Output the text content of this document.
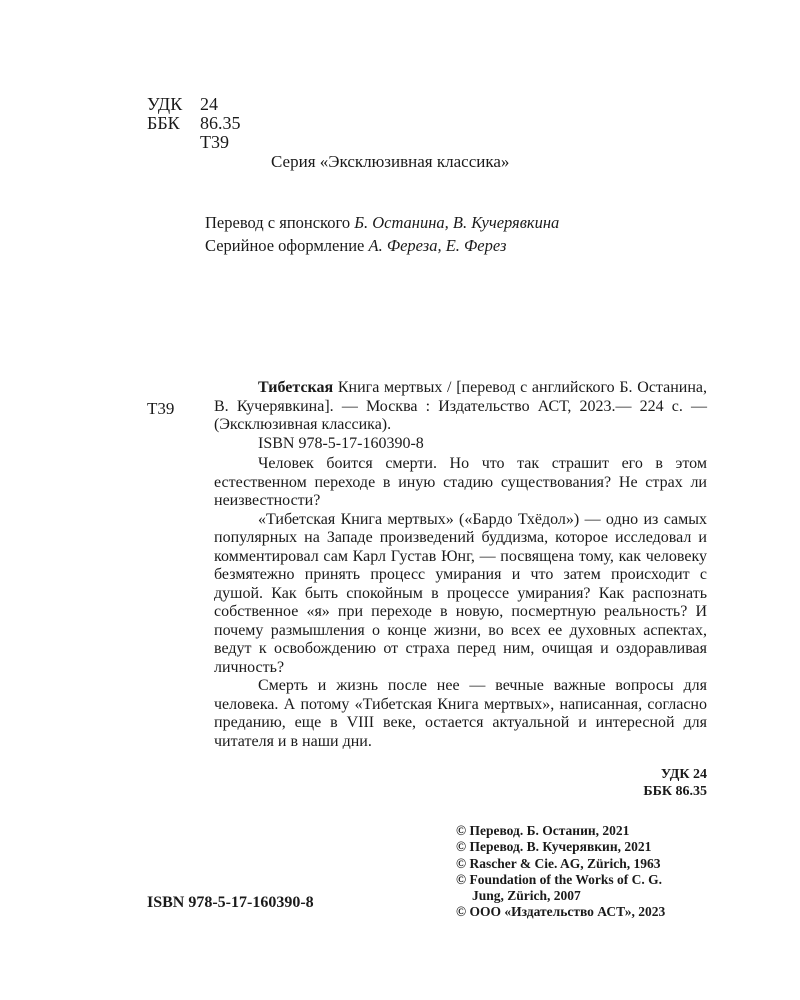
УДК 24
ББК 86.35
Т39
Серия «Эксклюзивная классика»
Перевод с японского Б. Останина, В. Кучерявкина
Серийное оформление А. Фереза, Е. Ферез
Т39

Тибетская Книга мертвых / [перевод с английского Б. Останина, В. Кучерявкина]. — Москва : Издательство АСТ, 2023.— 224 с. — (Эксклюзивная классика).

ISBN 978-5-17-160390-8

Человек боится смерти. Но что так страшит его в этом естественном переходе в иную стадию существования? Не страх ли неизвестности?

«Тибетская Книга мертвых» («Бардо Тхёдол») — одно из самых популярных на Западе произведений буддизма, которое исследовал и комментировал сам Карл Густав Юнг, — посвящена тому, как человеку безмятежно принять процесс умирания и что затем происходит с душой. Как быть спокойным в процессе умирания? Как распознать собственное «я» при переходе в новую, посмертную реальность? И почему размышления о конце жизни, во всех ее духовных аспектах, ведут к освобождению от страха перед ним, очищая и оздоравливая личность?

Смерть и жизнь после нее — вечные важные вопросы для человека. А потому «Тибетская Книга мертвых», написанная, согласно преданию, еще в VIII веке, остается актуальной и интересной для читателя и в наши дни.

УДК 24
ББК 86.35
ISBN 978-5-17-160390-8
© Перевод. Б. Останин, 2021
© Перевод. В. Кучерявкин, 2021
© Rascher & Cie. AG, Zürich, 1963
© Foundation of the Works of C. G.
Jung, Zürich, 2007
© ООО «Издательство АСТ», 2023
